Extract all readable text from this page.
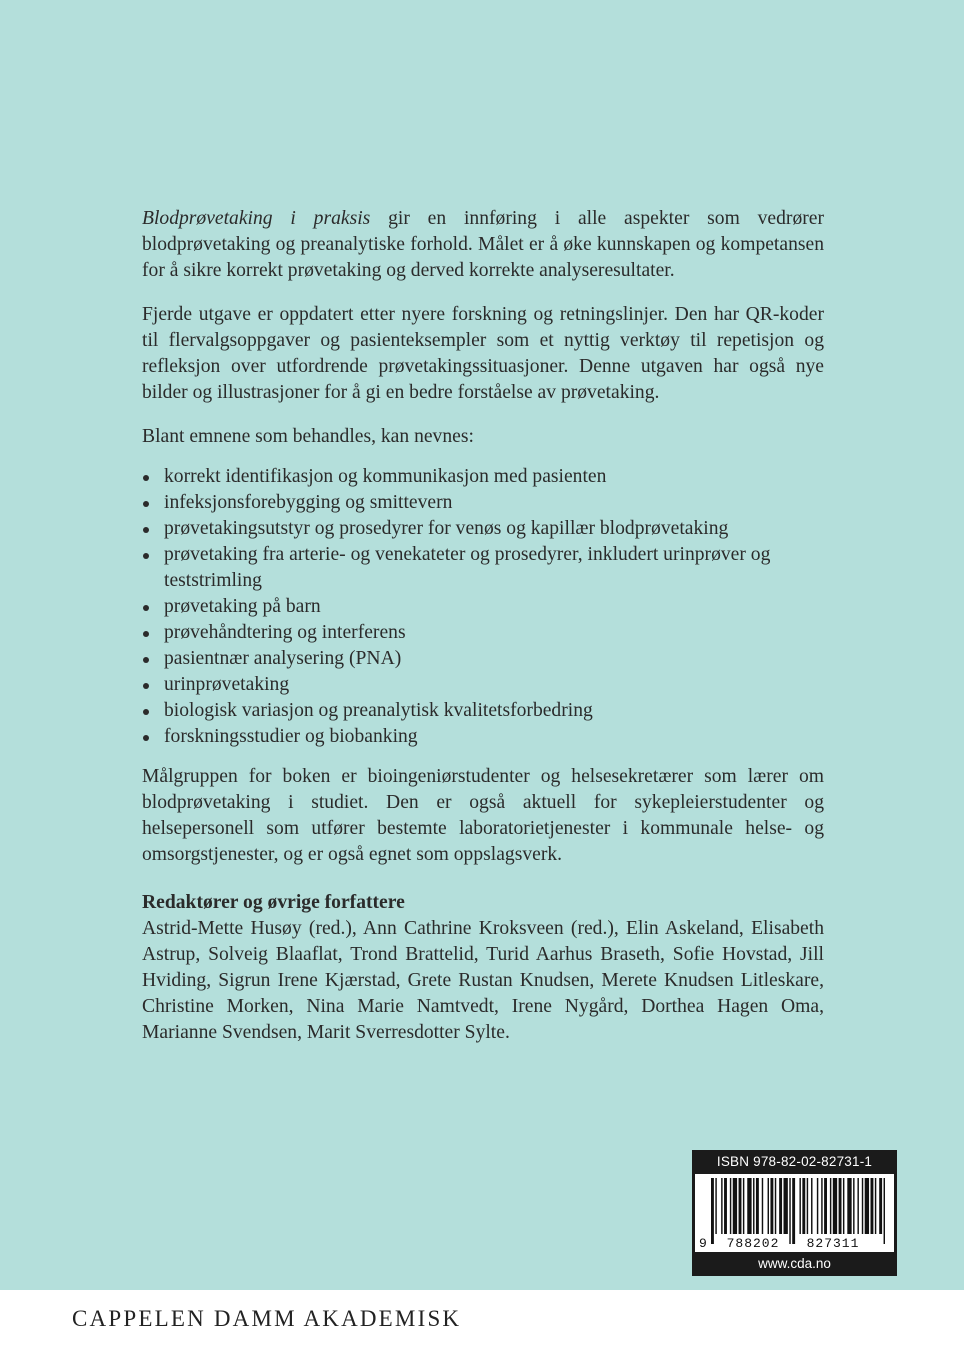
Blodprøvetaking i praksis gir en innføring i alle aspekter som vedrører blodprøvetaking og preanalytiske forhold. Målet er å øke kunnskapen og kompetansen for å sikre korrekt prøvetaking og derved korrekte analyseresultater.

Fjerde utgave er oppdatert etter nyere forskning og retningslinjer. Den har QR-koder til flervalgsoppgaver og pasienteksempler som et nyttig verktøy til repetisjon og refleksjon over utfordrende prøvetakingssituasjoner. Denne utgaven har også nye bilder og illustrasjoner for å gi en bedre forståelse av prøvetaking.

Blant emnene som behandles, kan nevnes:

korrekt identifikasjon og kommunikasjon med pasienten
infeksjonsforebygging og smittevern
prøvetakingsutstyr og prosedyrer for venøs og kapillær blodprøvetaking
prøvetaking fra arterie- og venekateter og prosedyrer, inkludert urinprøver og teststrimling
prøvetaking på barn
prøvehåndtering og interferens
pasientnær analysering (PNA)
urinprøvetaking
biologisk variasjon og preanalytisk kvalitetsforbedring
forskningsstudier og biobanking

Målgruppen for boken er bioingeniørstudenter og helsesekretærer som lærer om blodprøvetaking i studiet. Den er også aktuell for sykepleierstudenter og helsepersonell som utfører bestemte laboratorietjenester i kommunale helse- og omsorgstjenester, og er også egnet som oppslagsverk.

Redaktører og øvrige forfattere

Astrid-Mette Husøy (red.), Ann Cathrine Kroksveen (red.), Elin Askeland, Elisabeth Astrup, Solveig Blaaflat, Trond Brattelid, Turid Aarhus Braseth, Sofie Hovstad, Jill Hviding, Sigrun Irene Kjærstad, Grete Rustan Knudsen, Merete Knudsen Litleskare, Christine Morken, Nina Marie Namtvedt, Irene Nygård, Dorthea Hagen Oma, Marianne Svendsen, Marit Sverresdotter Sylte.

ISBN 978-82-02-82731-1
9 788202 827311
www.cda.no
CAPPELEN DAMM AKADEMISK
